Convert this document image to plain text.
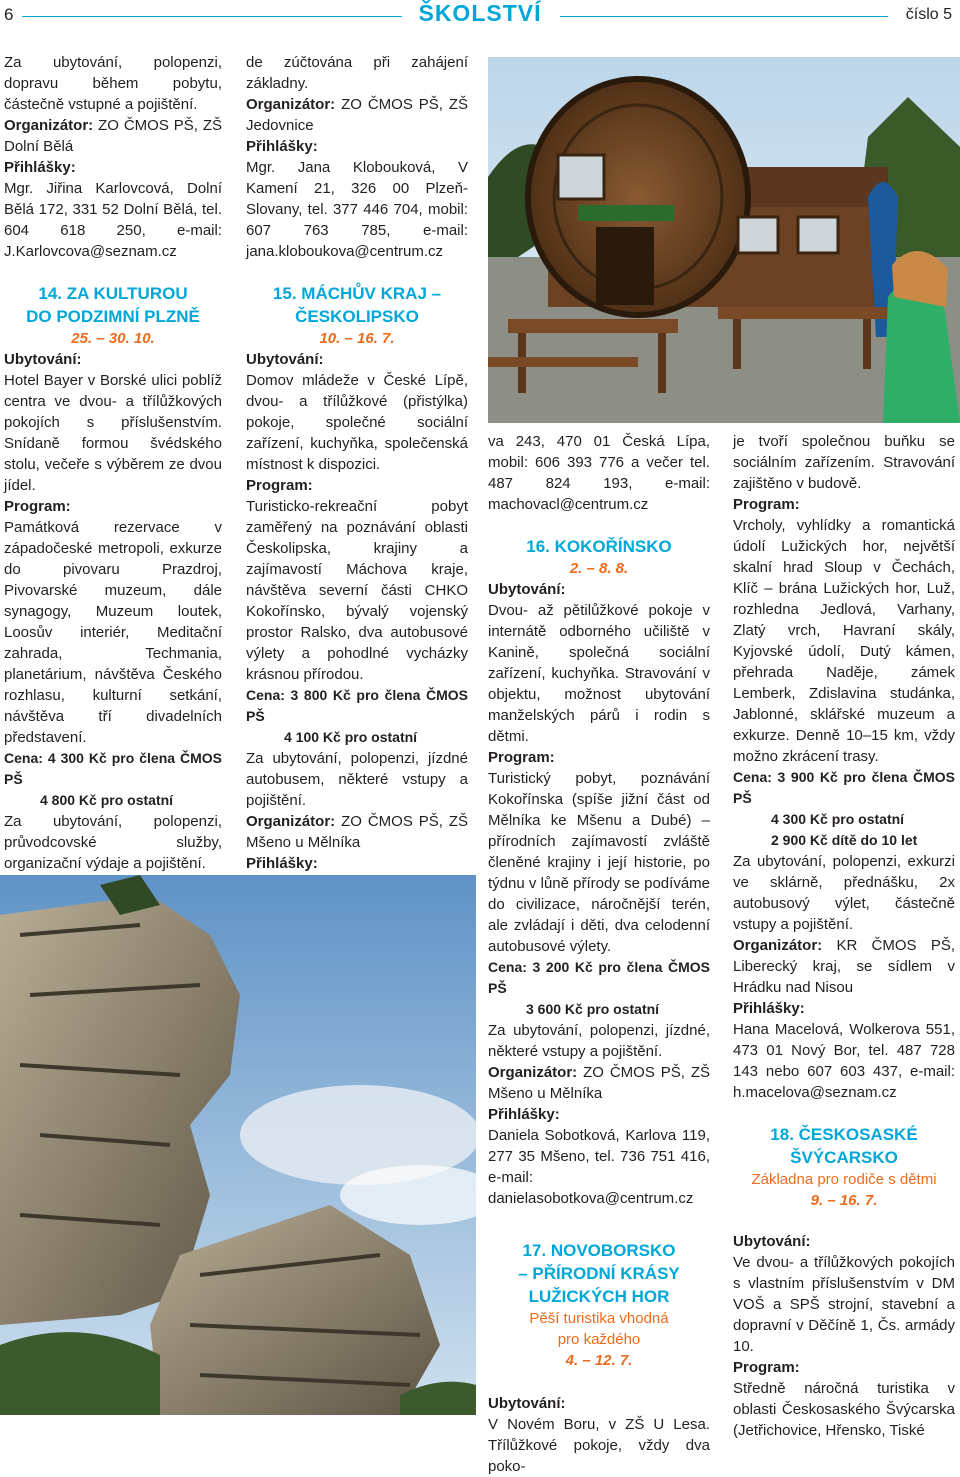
6	ŠKOLSTVÍ	číslo 5

Za ubytování, polopenzi, dopravu během pobytu, částečně vstupné a pojištění.

Organizátor: ZO ČMOS PŠ, ZŠ Dolní Bělá

Přihlášky:

Mgr. Jiřina Karlovcová, Dolní Bělá 172, 331 52 Dolní Bělá, tel. 604 618 250, e-mail: J.Karlovcova@seznam.cz

14. ZA KULTUROU

DO PODZIMNÍ PLZNĚ

25. – 30. 10.

Ubytování:

Hotel Bayer v Borské ulici poblíž centra ve dvou- a třílůžkových pokojích s příslušenstvím. Snídaně formou švédského stolu, večeře s výběrem ze dvou jídel.

Program:

Památková rezervace v západočeské metropoli, exkurze do pivovaru Prazdroj, Pivovarské muzeum, dále synagogy, Muzeum loutek, Loosův interiér, Meditační zahrada, Techmania, planetárium, návštěva Českého rozhlasu, kulturní setkání, návštěva tří divadelních představení.

Cena: 4 300 Kč pro člena ČMOS PŠ

4 800 Kč pro ostatní

Za ubytování, polopenzi, průvodcovské služby, organizační výdaje a pojištění.

de zúčtována při zahájení základny.

Organizátor: ZO ČMOS PŠ, ZŠ Jedovnice

Přihlášky:

Mgr. Jana Klobouková, V Kamení 21, 326 00 Plzeň-Slovany, tel. 377 446 704, mobil: 607 763 785, e-mail: jana.kloboukova@centrum.cz

15. MÁCHŮV KRAJ –

ČESKOLIPSKO

10. – 16. 7.

Ubytování:

Domov mládeže v České Lípě, dvou- a třílůžkové (přistýlka) pokoje, společné sociální zařízení, kuchyňka, společenská místnost k dispozici.

Program:

Turisticko-rekreační pobyt zaměřený na poznávání oblasti Českolipska, krajiny a zajímavostí Máchova kraje, návštěva severní části CHKO Kokořínsko, bývalý vojenský prostor Ralsko, dva autobusové výlety a pohodlné vycházky krásnou přírodou.

Cena: 3 800 Kč pro člena ČMOS PŠ

4 100 Kč pro ostatní

Za ubytování, polopenzi, jízdné autobusem, některé vstupy a pojištění.

Organizátor: ZO ČMOS PŠ, ZŠ Mšeno u Mělníka

Přihlášky:

va 243, 470 01 Česká Lípa, mobil: 606 393 776 a večer tel. 487 824 193, e-mail: machovacl@centrum.cz

16. KOKOŘÍNSKO

2. – 8. 8.

Ubytování:

Dvou- až pětilůžkové pokoje v internátě odborného učiliště v Kanině, společná sociální zařízení, kuchyňka. Stravování v objektu, možnost ubytování manželských párů i rodin s dětmi.

Program:

Turistický pobyt, poznávání Kokořínska (spíše jižní část od Mělníka ke Mšenu a Dubé) – přírodních zajímavostí zvláště členěné krajiny i její historie, po týdnu v lůně přírody se podíváme do civilizace, náročnější terén, ale zvládají i děti, dva celodenní autobusové výlety.

Cena: 3 200 Kč pro člena ČMOS PŠ

3 600 Kč pro ostatní

Za ubytování, polopenzi, jízdné, některé vstupy a pojištění.

Organizátor: ZO ČMOS PŠ, ZŠ Mšeno u Mělníka

Přihlášky:

Daniela Sobotková, Karlova 119, 277 35 Mšeno, tel. 736 751 416, e-mail: danielasobotkova@centrum.cz

17. NOVOBORSKO

– PŘÍRODNÍ KRÁSY

LUŽICKÝCH HOR

Pěší turistika vhodná

pro každého

4. – 12. 7.

Ubytování:

V Novém Boru, v ZŠ U Lesa. Třílůžkové pokoje, vždy dva poko-

je tvoří společnou buňku se sociálním zařízením. Stravování zajištěno v budově.

Program:

Vrcholy, vyhlídky a romantická údolí Lužických hor, největší skalní hrad Sloup v Čechách, Klíč – brána Lužických hor, Luž, rozhledna Jedlová, Varhany, Zlatý vrch, Havraní skály, Kyjovské údolí, Dutý kámen, přehrada Naděje, zámek Lemberk, Zdislavina studánka, Jablonné, sklářské muzeum a exkurze. Denně 10–15 km, vždy možno zkrácení trasy.

Cena: 3 900 Kč pro člena ČMOS PŠ

4 300 Kč pro ostatní

2 900 Kč dítě do 10 let

Za ubytování, polopenzi, exkurzi ve sklárně, přednášku, 2x autobusový výlet, částečně vstupy a pojištění.

Organizátor: KR ČMOS PŠ, Liberecký kraj, se sídlem v Hrádku nad Nisou

Přihlášky:

Hana Macelová, Wolkerova 551, 473 01 Nový Bor, tel. 487 728 143 nebo 607 603 437, e-mail: h.macelova@seznam.cz

18. ČESKOSASKÉ

ŠVÝCARSKO

Základna pro rodiče s dětmi

9. – 16. 7.

Ubytování:

Ve dvou- a třílůžkových pokojích s vlastním příslušenstvím v DM VOŠ a SPŠ strojní, stavební a dopravní v Děčíně 1, Čs. armády 10.

Program:

Středně náročná turistika v oblasti Českosaského Švýcarska (Jetřichovice, Hřensko, Tiské
